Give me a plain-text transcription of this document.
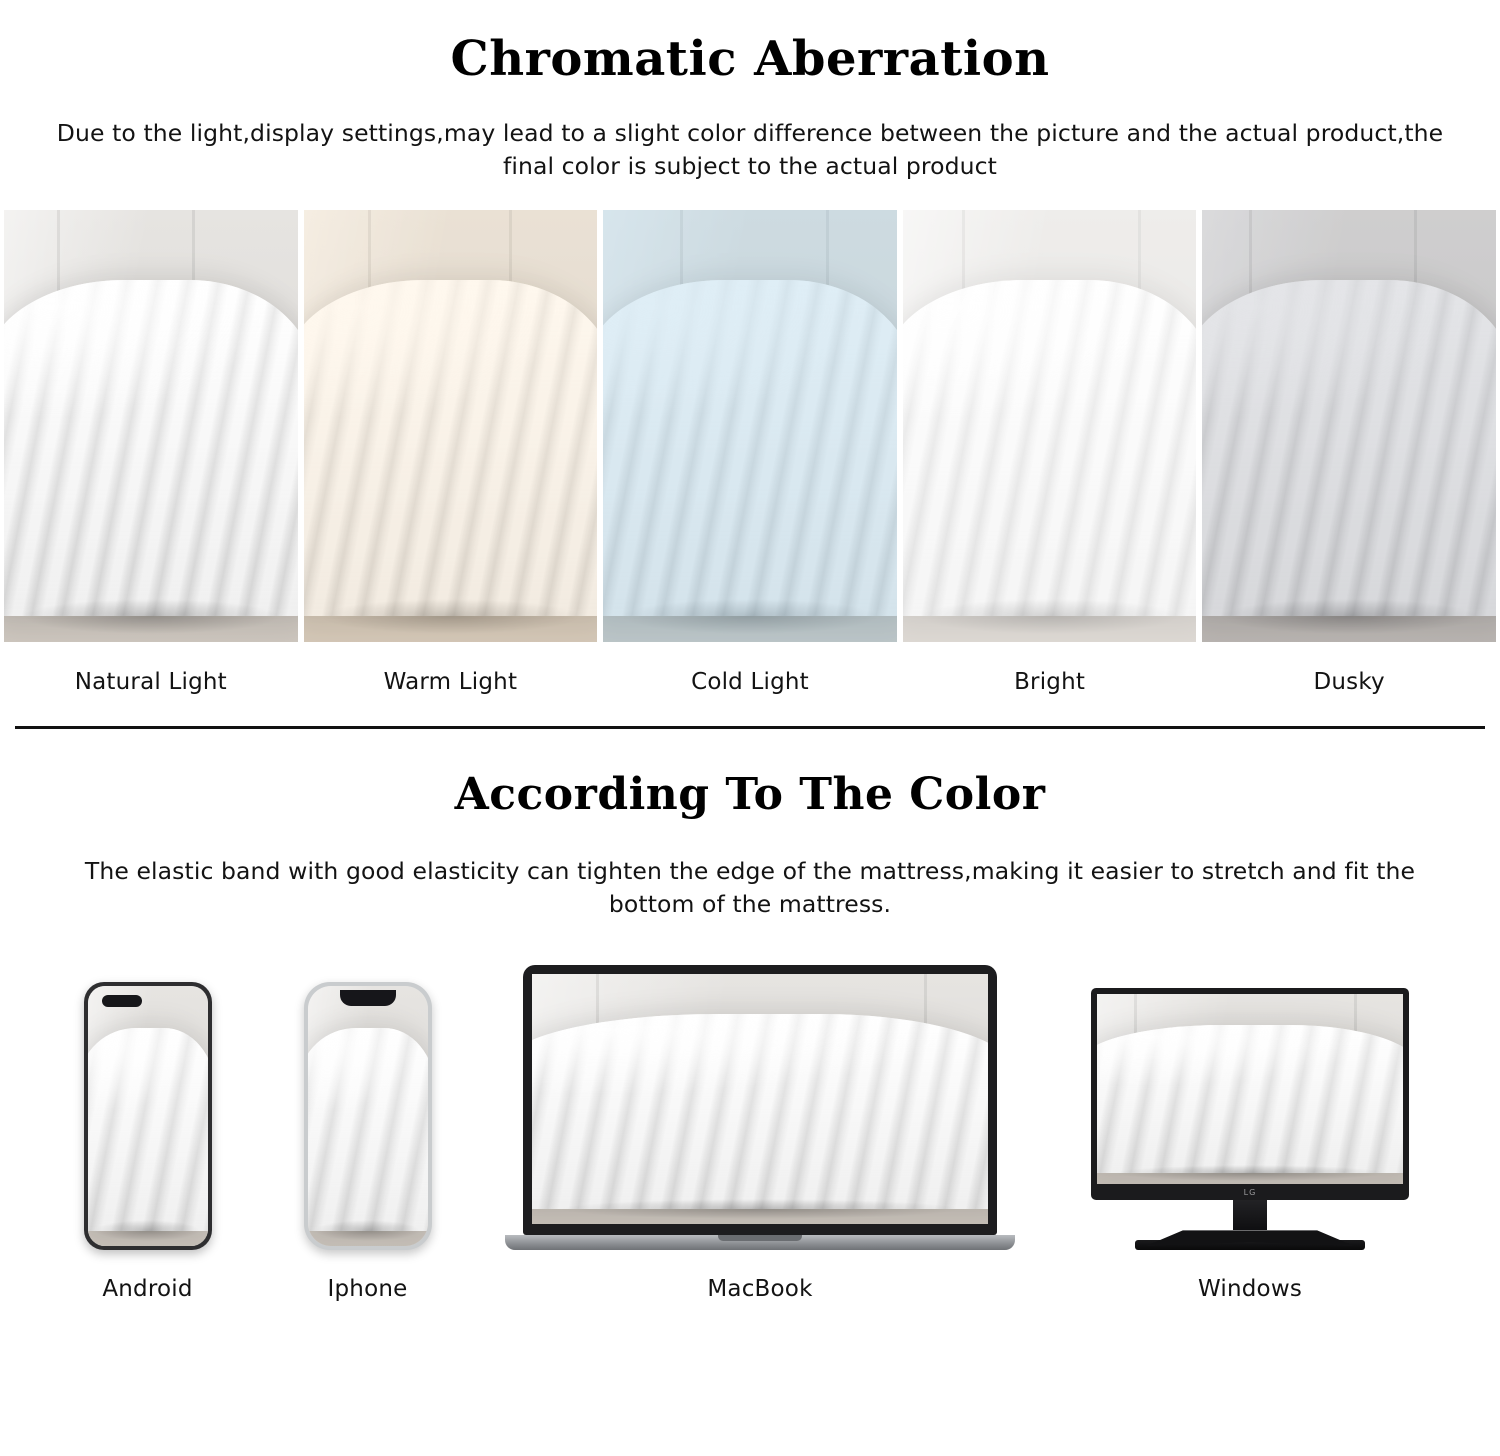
Chromatic Aberration

Due to the light,display settings,may lead to a slight color difference between the picture and the actual product,the final color is subject to the actual product

Natural Light	Warm Light	Cold Light	Bright	Dusky
According To The Color

The elastic band with good elasticity can tighten the edge of the mattress,making it easier to stretch and fit the bottom of the mattress.

Android	Iphone	MacBook
LG
Windows
